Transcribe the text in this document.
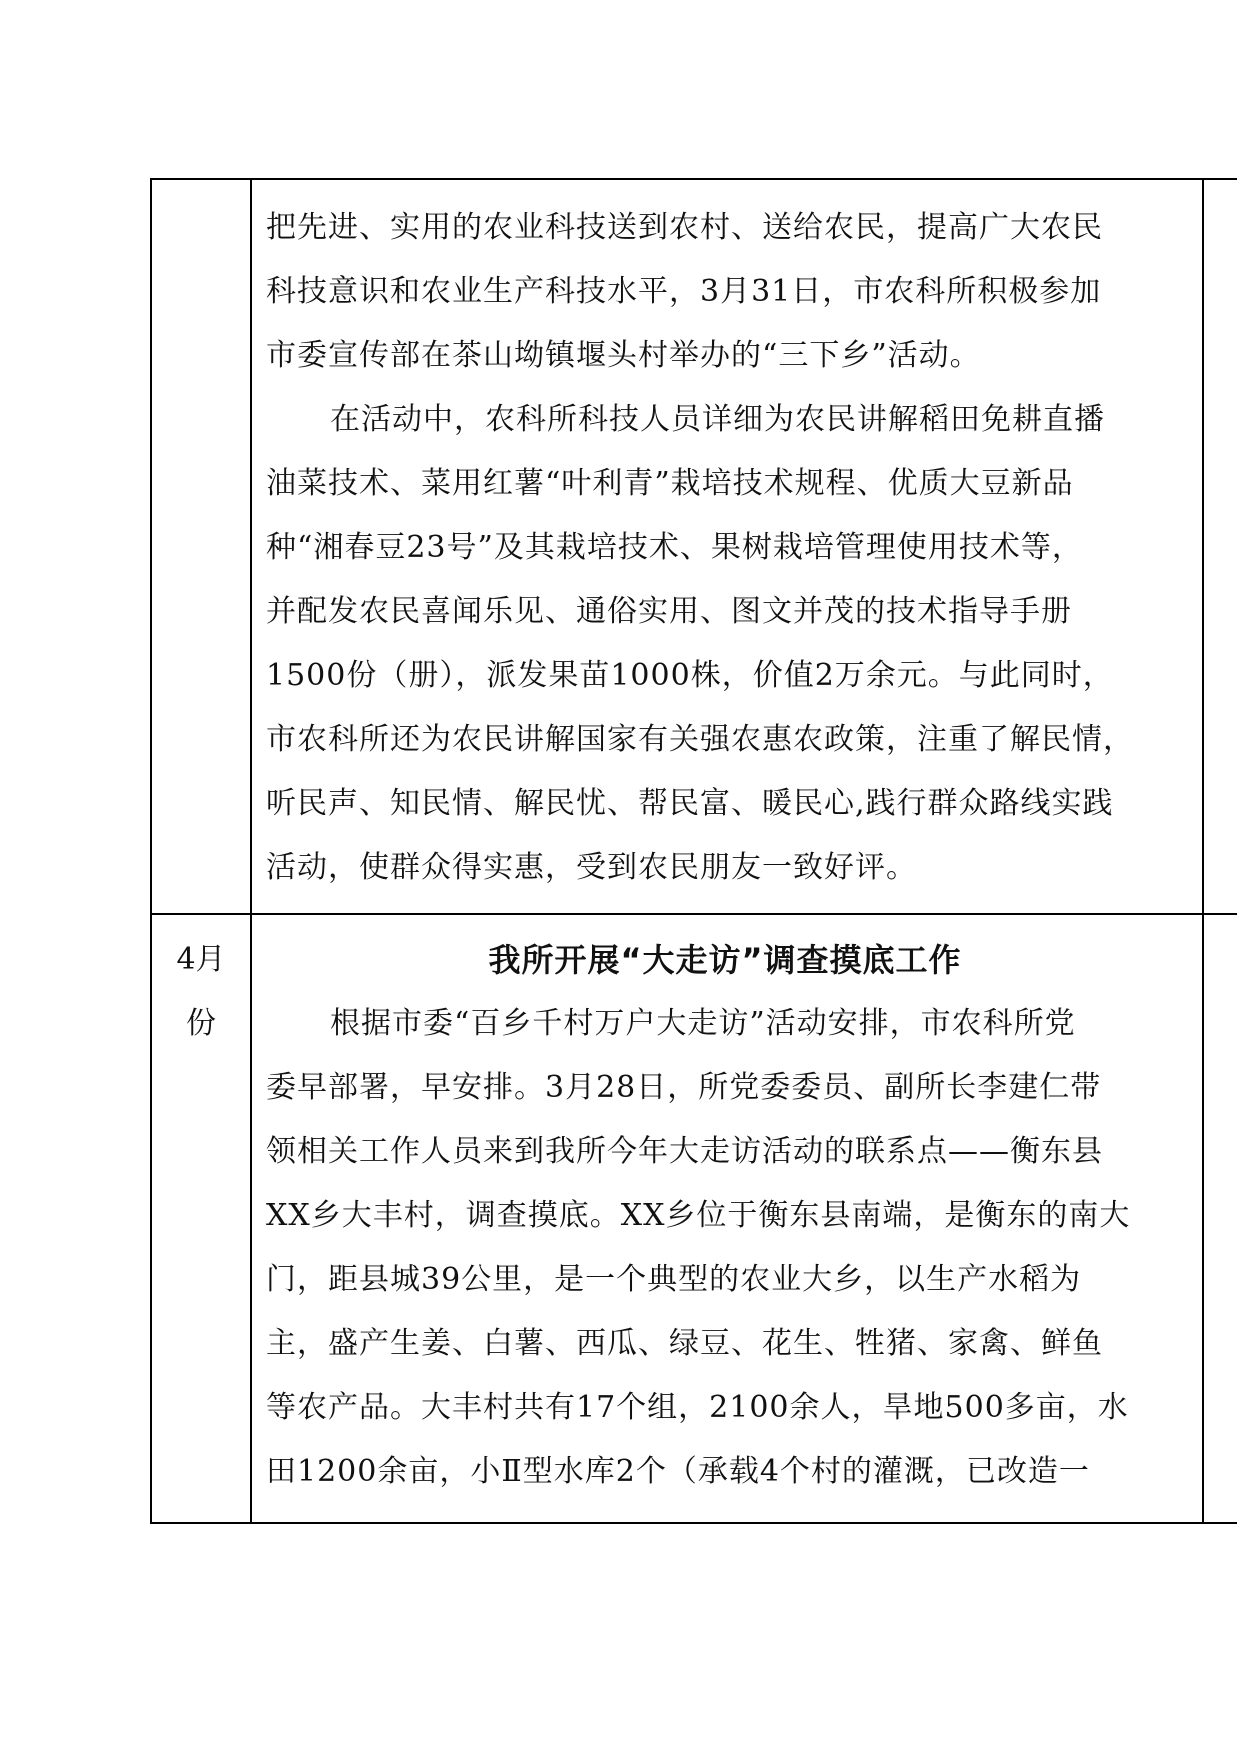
把先进、实用的农业科技送到农村、送给农民，提高广大农民
科技意识和农业生产科技水平，3月31日，市农科所积极参加
市委宣传部在茶山坳镇堰头村举办的“三下乡”活动。
在活动中，农科所科技人员详细为农民讲解稻田免耕直播
油菜技术、菜用红薯“叶利青”栽培技术规程、优质大豆新品
种“湘春豆23号”及其栽培技术、果树栽培管理使用技术等，
并配发农民喜闻乐见、通俗实用、图文并茂的技术指导手册
1500份（册），派发果苗1000株，价值2万余元。与此同时，
市农科所还为农民讲解国家有关强农惠农政策，注重了解民情，
听民声、知民情、解民忧、帮民富、暖民心,践行群众路线实践
活动，使群众得实惠，受到农民朋友一致好评。
4月
份
我所开展“大走访”调查摸底工作
根据市委“百乡千村万户大走访”活动安排，市农科所党
委早部署，早安排。3月28日，所党委委员、副所长李建仁带
领相关工作人员来到我所今年大走访活动的联系点——衡东县
XX乡大丰村，调查摸底。XX乡位于衡东县南端，是衡东的南大
门，距县城39公里，是一个典型的农业大乡，以生产水稻为
主，盛产生姜、白薯、西瓜、绿豆、花生、牲猪、家禽、鲜鱼
等农产品。大丰村共有17个组，2100余人，旱地500多亩，水
田1200余亩，小Ⅱ型水库2个（承载4个村的灌溉，已改造一
